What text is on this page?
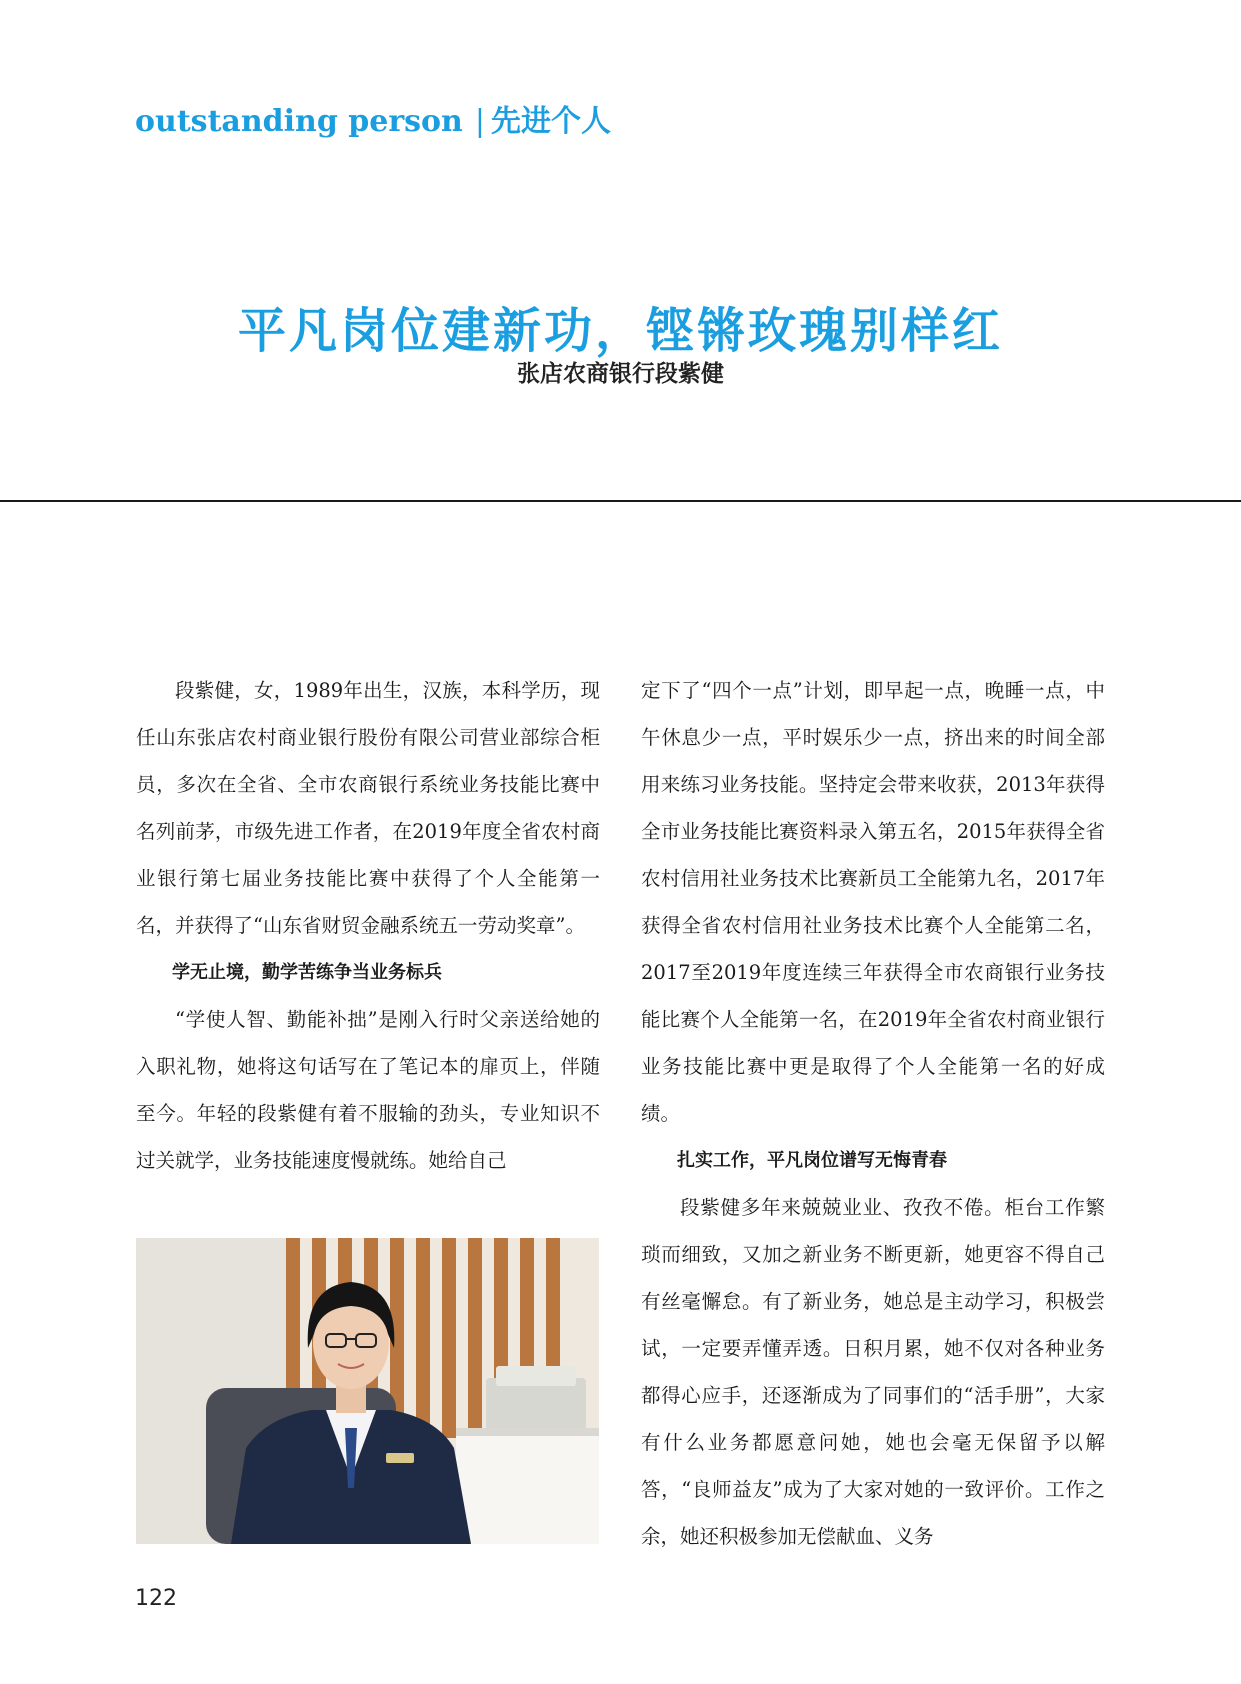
outstanding person | 先进个人
平凡岗位建新功，铿锵玫瑰别样红
张店农商银行段紫健

段紫健，女，1989年出生，汉族，本科学历，现任山东张店农村商业银行股份有限公司营业部综合柜员，多次在全省、全市农商银行系统业务技能比赛中名列前茅，市级先进工作者，在2019年度全省农村商业银行第七届业务技能比赛中获得了个人全能第一名，并获得了“山东省财贸金融系统五一劳动奖章”。

学无止境，勤学苦练争当业务标兵

“学使人智、勤能补拙”是刚入行时父亲送给她的入职礼物，她将这句话写在了笔记本的扉页上，伴随至今。年轻的段紫健有着不服输的劲头，专业知识不过关就学，业务技能速度慢就练。她给自己

定下了“四个一点”计划，即早起一点，晚睡一点，中午休息少一点，平时娱乐少一点，挤出来的时间全部用来练习业务技能。坚持定会带来收获，2013年获得全市业务技能比赛资料录入第五名，2015年获得全省农村信用社业务技术比赛新员工全能第九名，2017年获得全省农村信用社业务技术比赛个人全能第二名，2017至2019年度连续三年获得全市农商银行业务技能比赛个人全能第一名，在2019年全省农村商业银行业务技能比赛中更是取得了个人全能第一名的好成绩。

扎实工作，平凡岗位谱写无悔青春

段紫健多年来兢兢业业、孜孜不倦。柜台工作繁琐而细致，又加之新业务不断更新，她更容不得自己有丝毫懈怠。有了新业务，她总是主动学习，积极尝试，一定要弄懂弄透。日积月累，她不仅对各种业务都得心应手，还逐渐成为了同事们的“活手册”，大家有什么业务都愿意问她，她也会毫无保留予以解答，“良师益友”成为了大家对她的一致评价。工作之余，她还积极参加无偿献血、义务

122
